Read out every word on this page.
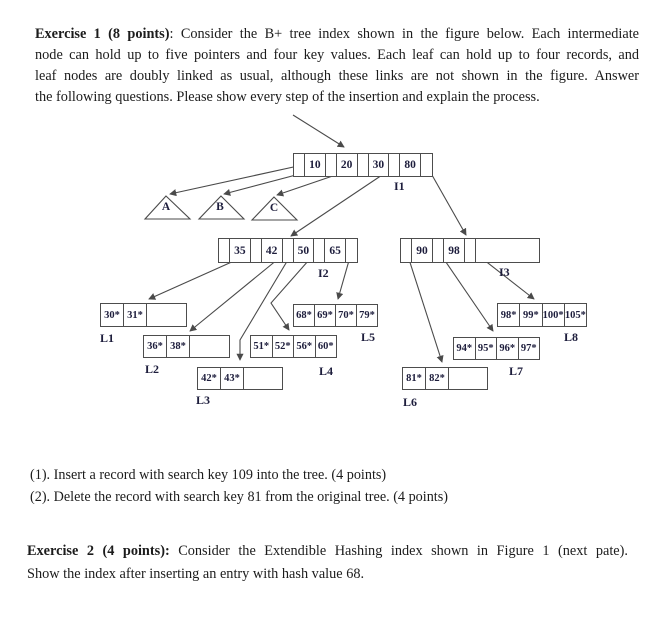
Exercise 1 (8 points): Consider the B+ tree index shown in the figure below. Each intermediate
node can hold up to five pointers and four key values. Each leaf can hold up to four records, and
leaf nodes are doubly linked as usual, although these links are not shown in the figure. Answer
the following questions. Please show every step of the insertion and explain the process.
10	20	30	80
I1
A	B	C
35	42	50	65
I2
90	98
I3
30* 31*
L1
36* 38*
L2
42* 43*
L3
51* 52* 56* 60*
L4
68* 69* 70* 79*
L5
81* 82*
L6
94* 95* 96* 97*
L7
98* 99* 100* 105*
L8
(1). Insert a record with search key 109 into the tree. (4 points)
(2). Delete the record with search key 81 from the original tree. (4 points)
Exercise 2 (4 points): Consider the Extendible Hashing index shown in Figure 1 (next pate).
Show the index after inserting an entry with hash value 68.
